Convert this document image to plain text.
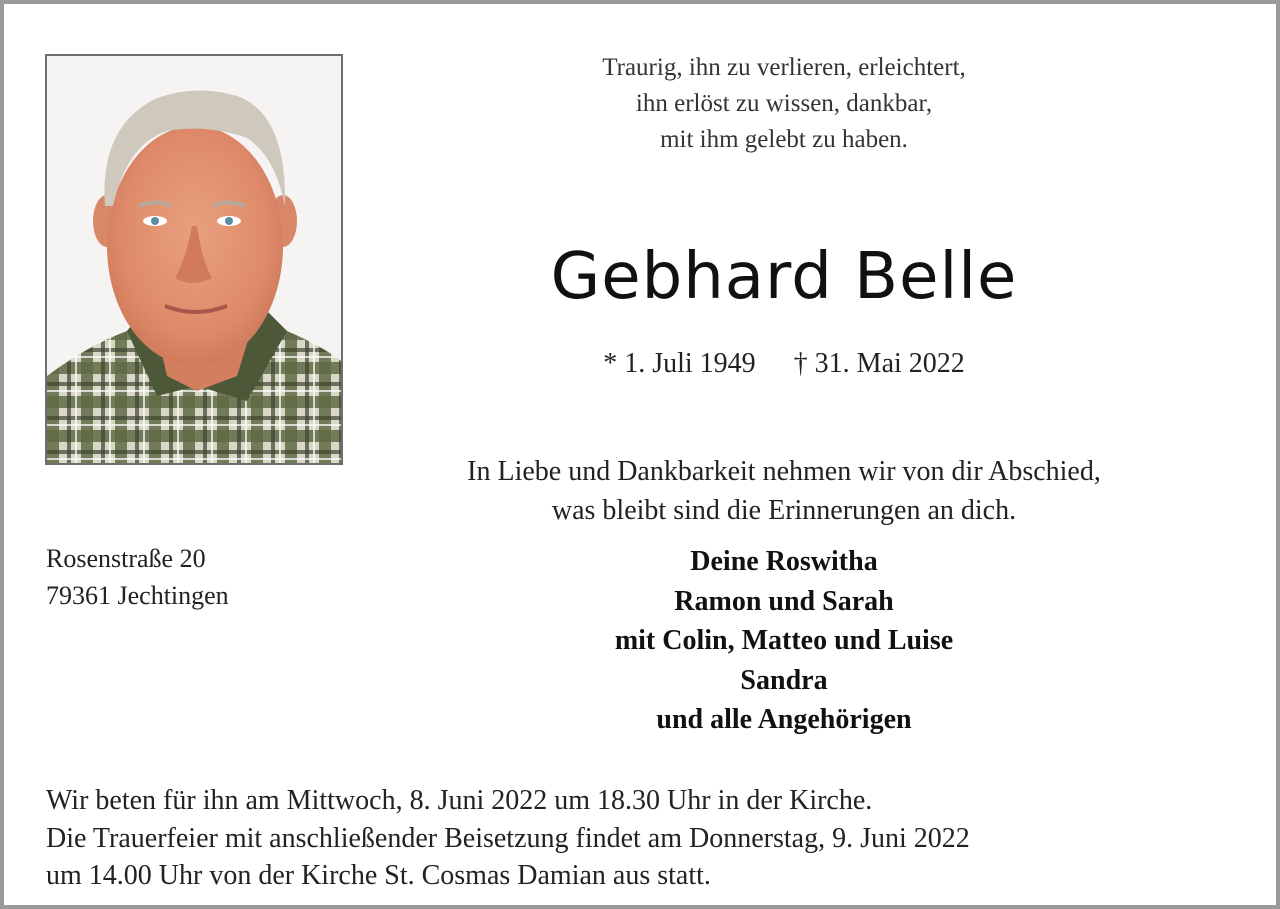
Traurig, ihn zu verlieren, erleichtert,
ihn erlöst zu wissen, dankbar,
mit ihm gelebt zu haben.
Gebhard Belle
* 1. Juli 1949 † 31. Mai 2022
In Liebe und Dankbarkeit nehmen wir von dir Abschied,
was bleibt sind die Erinnerungen an dich.
Deine Roswitha
Ramon und Sarah
mit Colin, Matteo und Luise
Sandra
und alle Angehörigen
Rosenstraße 20
79361 Jechtingen
Wir beten für ihn am Mittwoch, 8. Juni 2022 um 18.30 Uhr in der Kirche.
Die Trauerfeier mit anschließender Beisetzung findet am Donnerstag, 9. Juni 2022
um 14.00 Uhr von der Kirche St. Cosmas Damian aus statt.
